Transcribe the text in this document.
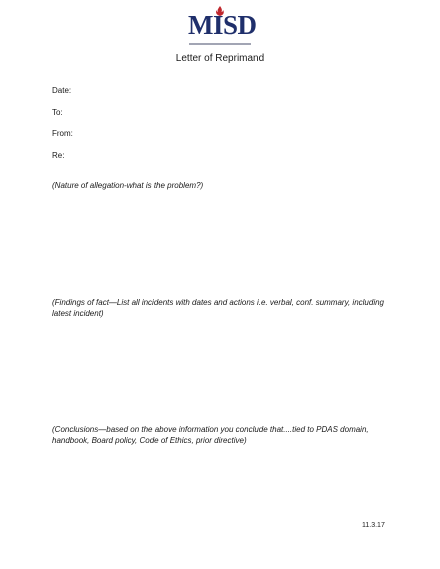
MISD
Letter of Reprimand
Date:
To:
From:
Re:
(Nature of allegation-what is the problem?)
(Findings of fact—List all incidents with dates and actions i.e. verbal, conf. summary, including latest incident)
(Conclusions—based on the above information you conclude that....tied to PDAS domain, handbook, Board policy, Code of Ethics, prior directive)
11.3.17
